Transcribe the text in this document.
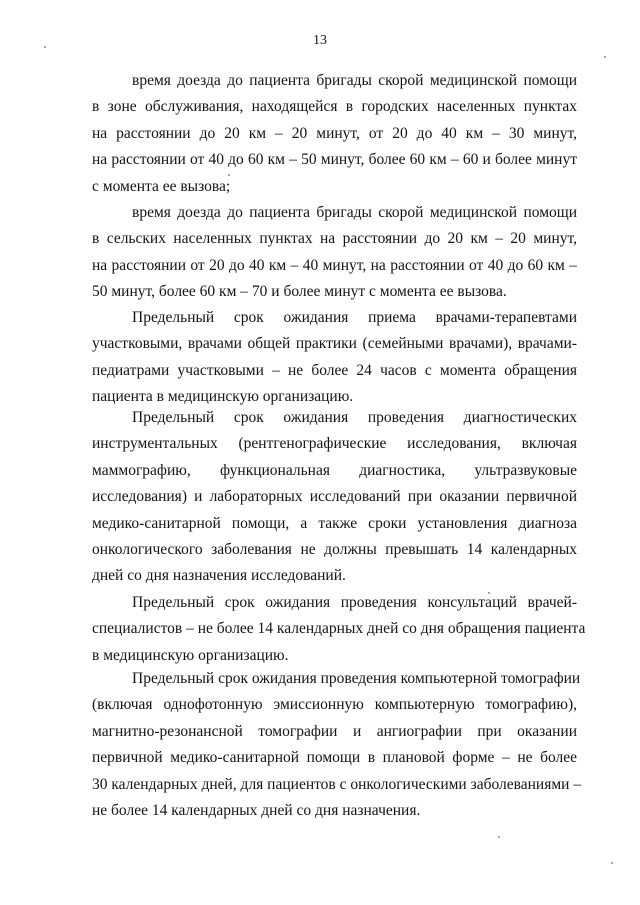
13
время доезда до пациента бригады скорой медицинской помощи
в зоне обслуживания, находящейся в городских населенных пунктах
на расстоянии до 20 км – 20 минут, от 20 до 40 км – 30 минут,
на расстоянии от 40 до 60 км – 50 минут, более 60 км – 60 и более минут
с момента ее вызова;
время доезда до пациента бригады скорой медицинской помощи
в сельских населенных пунктах на расстоянии до 20 км – 20 минут,
на расстоянии от 20 до 40 км – 40 минут, на расстоянии от 40 до 60 км –
50 минут, более 60 км – 70 и более минут с момента ее вызова.
Предельный срок ожидания приема врачами-терапевтами
участковыми, врачами общей практики (семейными врачами), врачами-
педиатрами участковыми – не более 24 часов с момента обращения
пациента в медицинскую организацию.
Предельный срок ожидания проведения диагностических
инструментальных (рентгенографические исследования, включая
маммографию, функциональная диагностика, ультразвуковые
исследования) и лабораторных исследований при оказании первичной
медико-санитарной помощи, а также сроки установления диагноза
онкологического заболевания не должны превышать 14 календарных
дней со дня назначения исследований.
Предельный срок ожидания проведения консультаций врачей-
специалистов – не более 14 календарных дней со дня обращения пациента
в медицинскую организацию.
Предельный срок ожидания проведения компьютерной томографии
(включая однофотонную эмиссионную компьютерную томографию),
магнитно-резонансной томографии и ангиографии при оказании
первичной медико-санитарной помощи в плановой форме – не более
30 календарных дней, для пациентов с онкологическими заболеваниями –
не более 14 календарных дней со дня назначения.
